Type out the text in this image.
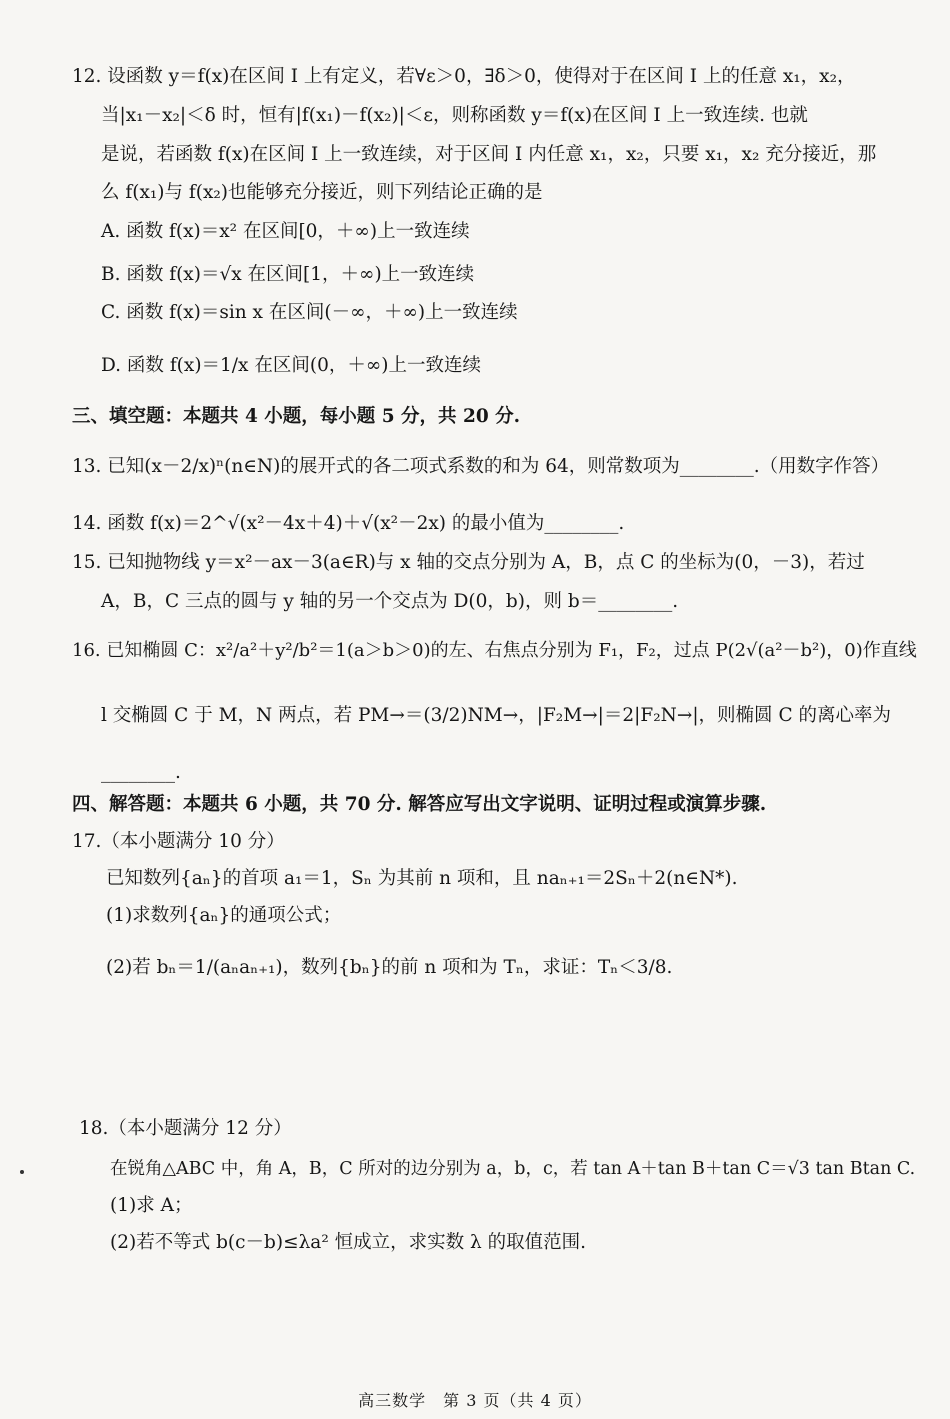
12. 设函数 y＝f(x)在区间 I 上有定义，若∀ε＞0，∃δ＞0，使得对于在区间 I 上的任意 x₁，x₂，
当|x₁－x₂|＜δ 时，恒有|f(x₁)－f(x₂)|＜ε，则称函数 y＝f(x)在区间 I 上一致连续. 也就
是说，若函数 f(x)在区间 I 上一致连续，对于区间 I 内任意 x₁，x₂，只要 x₁，x₂ 充分接近，那
么 f(x₁)与 f(x₂)也能够充分接近，则下列结论正确的是
A. 函数 f(x)＝x² 在区间[0，＋∞)上一致连续
B. 函数 f(x)＝√x 在区间[1，＋∞)上一致连续
C. 函数 f(x)＝sin x 在区间(－∞，＋∞)上一致连续
D. 函数 f(x)＝1/x 在区间(0，＋∞)上一致连续
三、填空题：本题共 4 小题，每小题 5 分，共 20 分.
13. 已知(x－2/x)ⁿ(n∈N)的展开式的各二项式系数的和为 64，则常数项为________.（用数字作答）
14. 函数 f(x)＝2^√(x²－4x＋4)＋√(x²－2x) 的最小值为________.
15. 已知抛物线 y＝x²－ax－3(a∈R)与 x 轴的交点分别为 A，B，点 C 的坐标为(0，－3)，若过
A，B，C 三点的圆与 y 轴的另一个交点为 D(0，b)，则 b＝________.
16. 已知椭圆 C：x²/a²＋y²/b²＝1(a＞b＞0)的左、右焦点分别为 F₁，F₂，过点 P(2√(a²－b²)，0)作直线
l 交椭圆 C 于 M，N 两点，若 PM→＝(3/2)NM→，|F₂M→|＝2|F₂N→|，则椭圆 C 的离心率为
________.
四、解答题：本题共 6 小题，共 70 分. 解答应写出文字说明、证明过程或演算步骤.
17.（本小题满分 10 分）
已知数列{aₙ}的首项 a₁＝1，Sₙ 为其前 n 项和，且 naₙ₊₁＝2Sₙ＋2(n∈N*).
(1)求数列{aₙ}的通项公式；
(2)若 bₙ＝1/(aₙaₙ₊₁)，数列{bₙ}的前 n 项和为 Tₙ，求证：Tₙ＜3/8.
18.（本小题满分 12 分）
在锐角△ABC 中，角 A，B，C 所对的边分别为 a，b，c，若 tan A＋tan B＋tan C＝√3 tan Btan C.
(1)求 A；
(2)若不等式 b(c－b)≤λa² 恒成立，求实数 λ 的取值范围.
高三数学　第 3 页（共 4 页）
